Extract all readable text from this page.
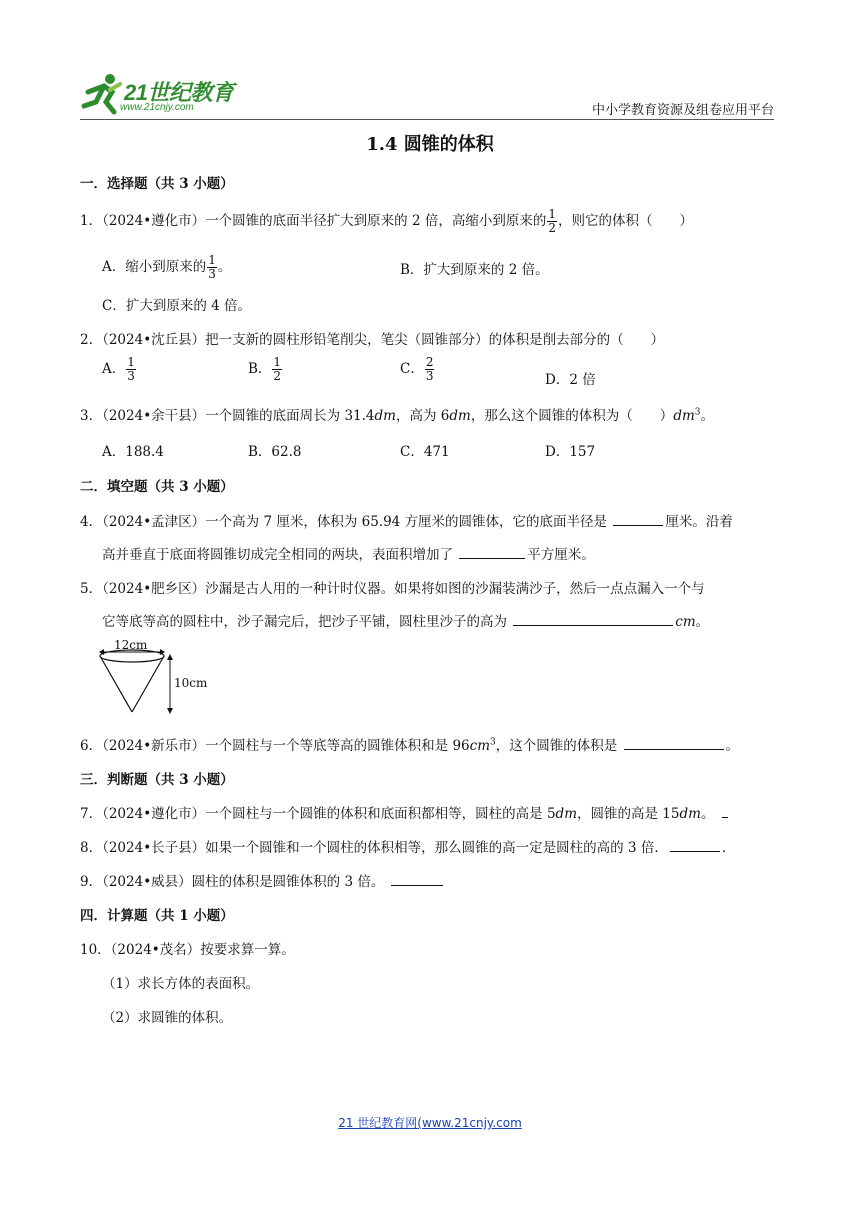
21世纪教育
www.21cnjy.com	中小学教育资源及组卷应用平台
1.4 圆锥的体积
一．选择题（共 3 小题）
1．（2024•遵化市）一个圆锥的底面半径扩大到原来的 2 倍，高缩小到原来的 $\frac{1}{2}$ ，则它的体积（　　）
A．缩小到原来的 $\frac{1}{3}$ 。	B．扩大到原来的 2 倍。
C．扩大到原来的 4 倍。
2．（2024•沈丘县）把一支新的圆柱形铅笔削尖，笔尖（圆锥部分）的体积是削去部分的（　　）
A． $\frac{1}{3}$	B． $\frac{1}{2}$	C． $\frac{2}{3}$	D．2 倍
3．（2024•余干县）一个圆锥的底面周长为 31.4dm，高为 6dm，那么这个圆锥的体积为（　　）$dm^3$。
A．188.4	B．62.8	C．471	D．157
二．填空题（共 3 小题）
4．（2024•孟津区）一个高为 7 厘米，体积为 65.94 方厘米的圆锥体，它的底面半径是	厘米。沿着
高并垂直于底面将圆锥切成完全相同的两块，表面积增加了	平方厘米。
5．（2024•肥乡区）沙漏是古人用的一种计时仪器。如果将如图的沙漏装满沙子，然后一点点漏入一个与
它等底等高的圆柱中，沙子漏完后，把沙子平铺，圆柱里沙子的高为	cm。
12cm
10cm
6．（2024•新乐市）一个圆柱与一个等底等高的圆锥体积和是 $96cm^3$，这个圆锥的体积是	。
三．判断题（共 3 小题）
7．（2024•遵化市）一个圆柱与一个圆锥的体积和底面积都相等，圆柱的高是 5dm，圆锥的高是 15dm。
8．（2024•长子县）如果一个圆锥和一个圆柱的体积相等，那么圆锥的高一定是圆柱的高的 3 倍．	．
9．（2024•威县）圆柱的体积是圆锥体积的 3 倍。
四．计算题（共 1 小题）
10．（2024•茂名）按要求算一算。
（1）求长方体的表面积。
（2）求圆锥的体积。
21 世纪教育网(www.21cnjy.com
